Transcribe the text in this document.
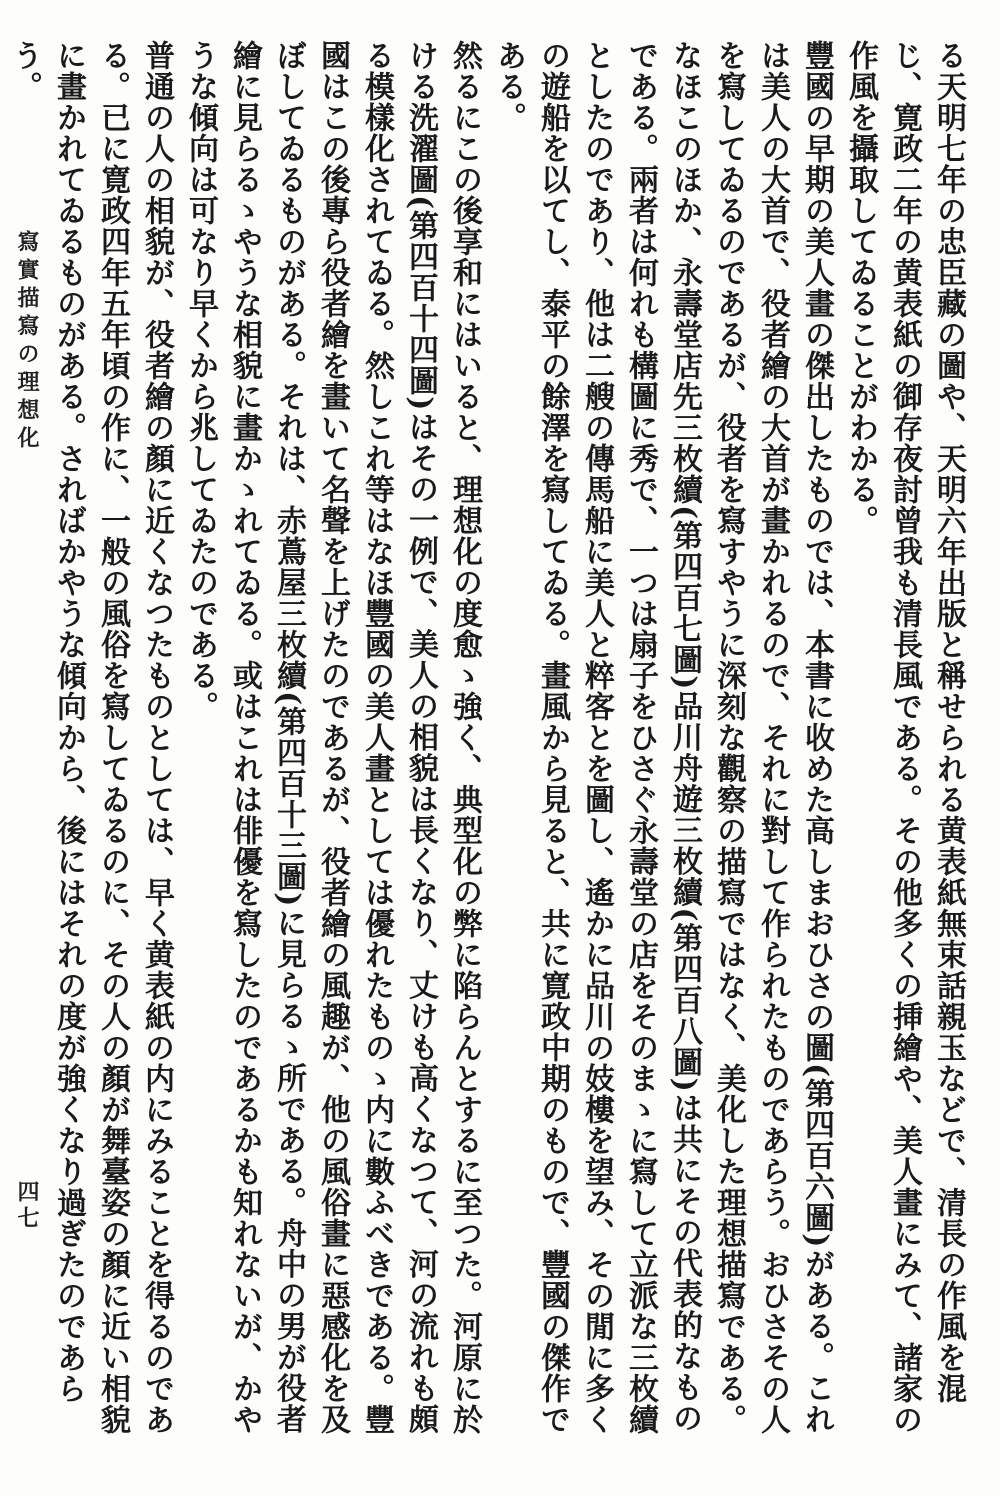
る天明七年の忠臣藏の圖や、天明六年出版と稱せられる黄表紙無束話親玉などで、清長の作風を混じ、寛政二年の黄表紙の御存夜討曾我も清長風である。その他多くの挿繪や、美人畫にみて、諸家の作風を攝取してゐることがわかる。

豐國の早期の美人畫の傑出したものでは、本書に收めた高しまおひさの圖(第四百六圖)がある。これは美人の大首で、役者繪の大首が畫かれるので、それに對して作られたものであらう。おひさその人を寫してゐるのであるが、役者を寫すやうに深刻な觀察の描寫ではなく、美化した理想描寫である。なほこのほか、永壽堂店先三枚續(第四百七圖)品川舟遊三枚續(第四百八圖)は共にその代表的なものである。兩者は何れも構圖に秀で、一つは扇子をひさぐ永壽堂の店をそのまゝに寫して立派な三枚續としたのであり、他は二艘の傳馬船に美人と粹客とを圖し、遙かに品川の妓樓を望み、その閒に多くの遊船を以てし、泰平の餘澤を寫してゐる。畫風から見ると、共に寛政中期のもので、豐國の傑作である。

然るにこの後享和にはいると、理想化の度愈ゝ強く、典型化の弊に陷らんとするに至つた。河原に於ける洗濯圖(第四百十四圖)はその一例で、美人の相貌は長くなり、丈けも高くなつて、河の流れも頗る模樣化されてゐる。然しこれ等はなほ豐國の美人畫としては優れたものゝ内に數ふべきである。豐國はこの後專ら役者繪を畫いて名聲を上げたのであるが、役者繪の風趣が、他の風俗畫に惡感化を及ぼしてゐるものがある。それは、赤蔦屋三枚續(第四百十三圖)に見らるゝ所である。舟中の男が役者繪に見らるゝやうな相貌に畫かゝれてゐる。或はこれは俳優を寫したのであるかも知れないが、かやうな傾向は可なり早くから兆してゐたのである。

普通の人の相貌が、役者繪の顏に近くなつたものとしては、早く黄表紙の内にみることを得るのである。已に寛政四年五年頃の作に、一般の風俗を寫してゐるのに、その人の顏が舞臺姿の顏に近い相貌に畫かれてゐるものがある。さればかやうな傾向から、後にはそれの度が強くなり過ぎたのであらう。

寫實描寫の理想化
四七
